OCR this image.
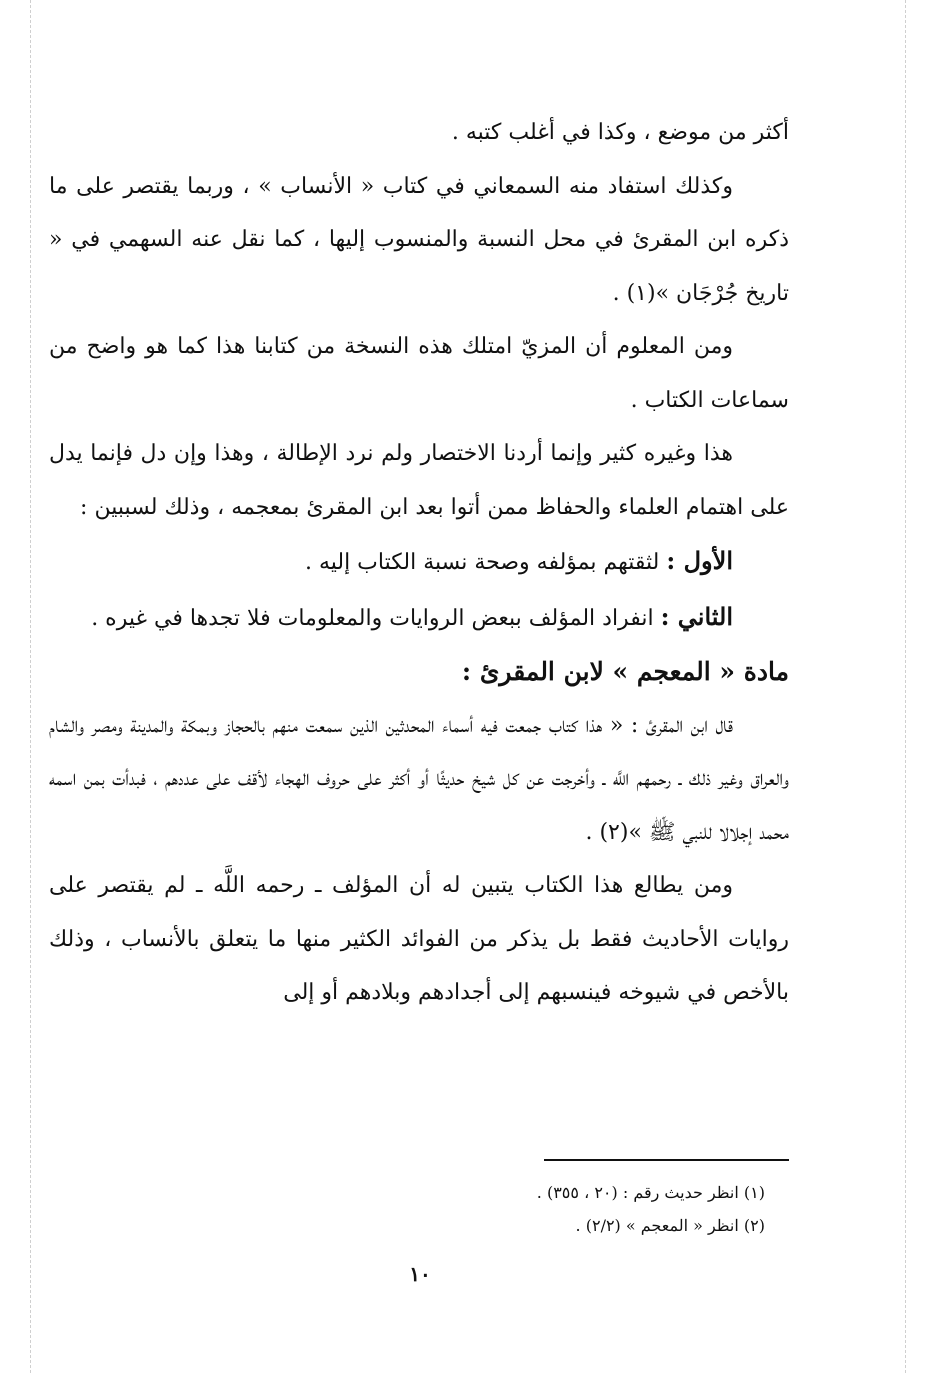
أكثر من موضع ، وكذا في أغلب كتبه .

وكذلك استفاد منه السمعاني في كتاب « الأنساب » ، وربما يقتصر على ما ذكره ابن المقرئ في محل النسبة والمنسوب إليها ، كما نقل عنه السهمي في « تاريخ جُرْجَان »(١) .

ومن المعلوم أن المزيّ امتلك هذه النسخة من كتابنا هذا كما هو واضح من سماعات الكتاب .

هذا وغيره كثير وإنما أردنا الاختصار ولم نرد الإطالة ، وهذا وإن دل فإنما يدل على اهتمام العلماء والحفاظ ممن أتوا بعد ابن المقرئ بمعجمه ، وذلك لسببين :

الأول : لثقتهم بمؤلفه وصحة نسبة الكتاب إليه .

الثاني : انفراد المؤلف ببعض الروايات والمعلومات فلا تجدها في غيره .

مادة « المعجم » لابن المقرئ :

قال ابن المقرئ : « هذا كتاب جمعت فيه أسماء المحدثين الذين سمعت منهم بالحجاز وبمكة والمدينة ومصر والشام والعراق وغير ذلك ـ رحمهم اللَّه ـ وأخرجت عن كل شيخ حديثًا أو أكثر على حروف الهجاء لأقف على عددهم ، فبدأت بمن اسمه محمد إجلالا للنبي ﷺ »(٢) .

ومن يطالع هذا الكتاب يتبين له أن المؤلف ـ رحمه اللَّه ـ لم يقتصر على روايات الأحاديث فقط بل يذكر من الفوائد الكثير منها ما يتعلق بالأنساب ، وذلك بالأخص في شيوخه فينسبهم إلى أجدادهم وبلادهم أو إلى

(١) انظر حديث رقم : (٢٠ ، ٣٥٥) .

(٢) انظر « المعجم » (٢/٢) .

١٠
